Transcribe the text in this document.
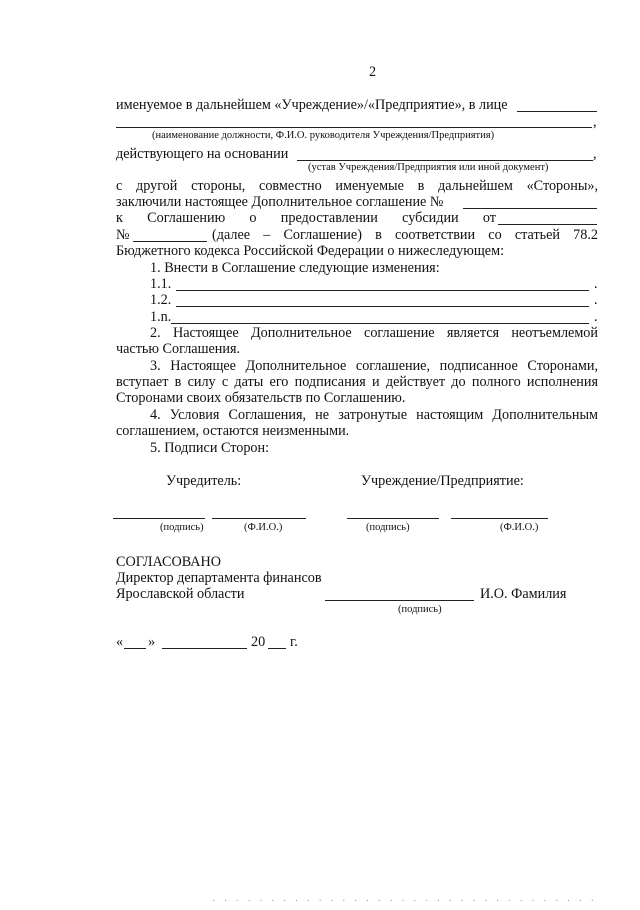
2
именуемое в дальнейшем «Учреждение»/«Предприятие», в лице
,
(наименование должности, Ф.И.О. руководителя Учреждения/Предприятия)
действующего на основании	,
(устав Учреждения/Предприятия или иной документ)
с другой стороны, совместно именуемые в дальнейшем «Стороны»,
заключили настоящее Дополнительное соглашение №
к Соглашению о предоставлении субсидии от
№	(далее – Соглашение) в соответствии со статьей 78.2
Бюджетного кодекса Российской Федерации о нижеследующем:
1. Внести в Соглашение следующие изменения:
1.1.	.
1.2.	.
1.n.	.
2. Настоящее Дополнительное соглашение является неотъемлемой
частью Соглашения.
3. Настоящее Дополнительное соглашение, подписанное Сторонами,
вступает в силу с даты его подписания и действует до полного исполнения
Сторонами своих обязательств по Соглашению.
4. Условия Соглашения, не затронутые настоящим Дополнительным
соглашением, остаются неизменными.
5. Подписи Сторон:
Учредитель:	Учреждение/Предприятие:
(подпись)	(Ф.И.О.)	(подпись)	(Ф.И.О.)
СОГЛАСОВАНО
Директор департамента финансов
Ярославской области	И.О. Фамилия
(подпись)
« »	20 г.
· · · · · · · · · · · · · · · · · · · · · · · · · · · · · · · · ·
